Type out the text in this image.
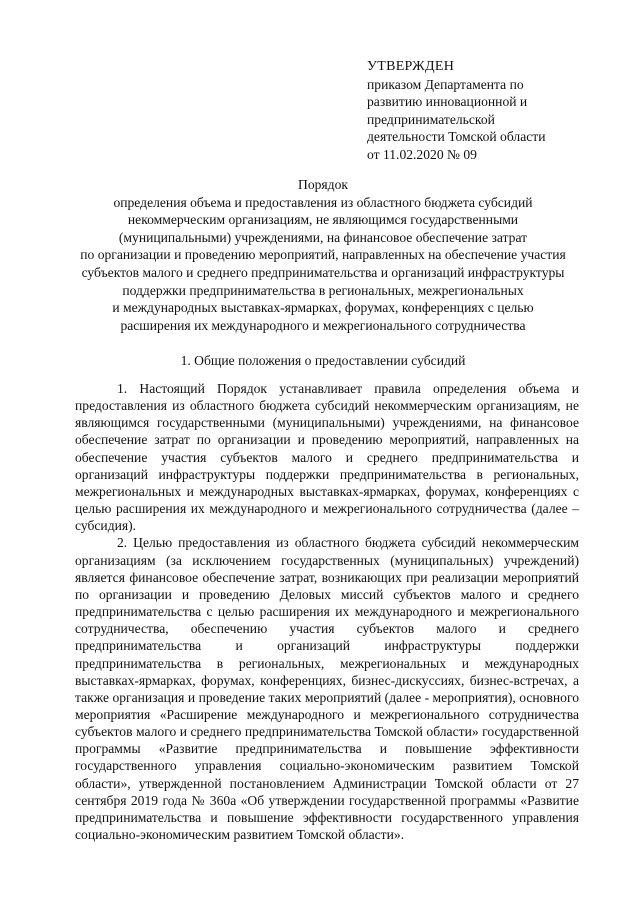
УТВЕРЖДЕН
приказом Департамента по
развитию инновационной и
предпринимательской
деятельности Томской области
от 11.02.2020 № 09
Порядок
определения объема и предоставления из областного бюджета субсидий
некоммерческим организациям, не являющимся государственными
(муниципальными) учреждениями, на финансовое обеспечение затрат
по организации и проведению мероприятий, направленных на обеспечение участия
субъектов малого и среднего предпринимательства и организаций инфраструктуры
поддержки предпринимательства в региональных, межрегиональных
и международных выставках-ярмарках, форумах, конференциях с целью
расширения их международного и межрегионального сотрудничества
1. Общие положения о предоставлении субсидий

1. Настоящий Порядок устанавливает правила определения объема и предоставления из областного бюджета субсидий некоммерческим организациям, не являющимся государственными (муниципальными) учреждениями, на финансовое обеспечение затрат по организации и проведению мероприятий, направленных на обеспечение участия субъектов малого и среднего предпринимательства и организаций инфраструктуры поддержки предпринимательства в региональных, межрегиональных и международных выставках-ярмарках, форумах, конференциях с целью расширения их международного и межрегионального сотрудничества (далее – субсидия).

2. Целью предоставления из областного бюджета субсидий некоммерческим организациям (за исключением государственных (муниципальных) учреждений) является финансовое обеспечение затрат, возникающих при реализации мероприятий по организации и проведению Деловых миссий субъектов малого и среднего предпринимательства с целью расширения их международного и межрегионального сотрудничества, обеспечению участия субъектов малого и среднего предпринимательства и организаций инфраструктуры поддержки предпринимательства в региональных, межрегиональных и международных выставках-ярмарках, форумах, конференциях, бизнес-дискуссиях, бизнес-встречах, а также организация и проведение таких мероприятий (далее - мероприятия), основного мероприятия «Расширение международного и межрегионального сотрудничества субъектов малого и среднего предпринимательства Томской области» государственной программы «Развитие предпринимательства и повышение эффективности государственного управления социально-экономическим развитием Томской области», утвержденной постановлением Администрации Томской области от 27 сентября 2019 года № 360а «Об утверждении государственной программы «Развитие предпринимательства и повышение эффективности государственного управления социально-экономическим развитием Томской области».
